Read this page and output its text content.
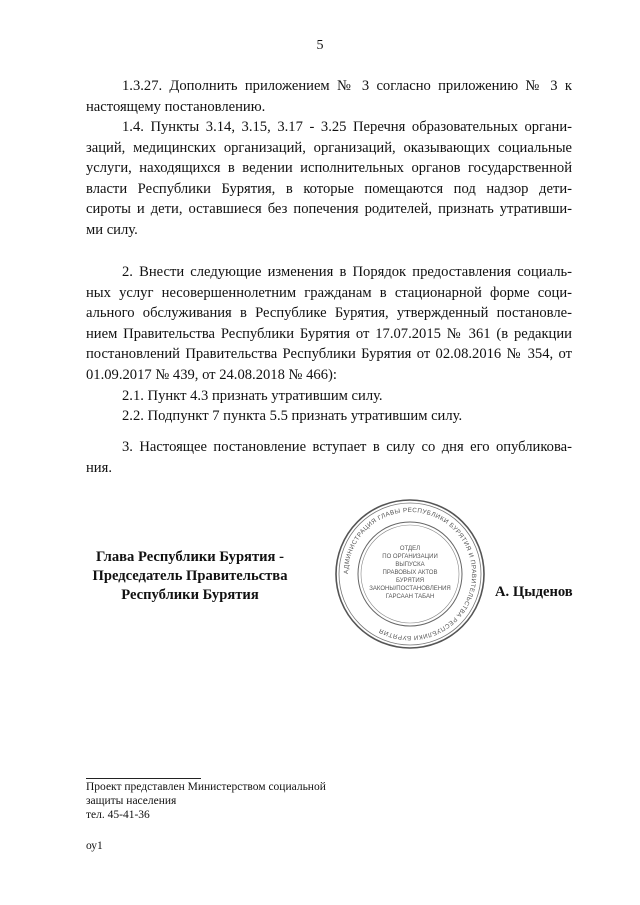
5
1.3.27. Дополнить приложением № 3 согласно приложению № 3 к
настоящему постановлению.
1.4. Пункты 3.14, 3.15, 3.17 - 3.25 Перечня образовательных органи-
заций, медицинских организаций, организаций, оказывающих социальные
услуги, находящихся в ведении исполнительных органов государственной
власти Республики Бурятия, в которые помещаются под надзор дети-
сироты и дети, оставшиеся без попечения родителей, признать утративши-
ми силу.
2. Внести следующие изменения в Порядок предоставления социаль-
ных услуг несовершеннолетним гражданам в стационарной форме соци-
ального обслуживания в Республике Бурятия, утвержденный постановле-
нием Правительства Республики Бурятия от 17.07.2015 № 361 (в редакции
постановлений Правительства Республики Бурятия от 02.08.2016 № 354, от
01.09.2017 № 439, от 24.08.2018 № 466):
2.1. Пункт 4.3 признать утратившим силу.
2.2. Подпункт 7 пункта 5.5 признать утратившим силу.
3. Настоящее постановление вступает в силу со дня его опубликова-
ния.
Глава Республики Бурятия -
Председатель Правительства
Республики Бурятия
АДМИНИСТРАЦИЯ ГЛАВЫ РЕСПУБЛИКИ БУРЯТИЯ И ПРАВИТЕЛЬСТВА РЕСПУБЛИКИ БУРЯТИЯ
ОТДЕЛ
ПО ОРГАНИЗАЦИИ
ВЫПУСКА
ПРАВОВЫХ АКТОВ
БУРЯТИЯ
ЗАКОНЫ/ПОСТАНОВЛЕНИЯ
ГАРСААН ТАБАН	А. Цыденов
Проект представлен Министерством социальной
защиты населения
тел. 45-41-36
оу1
